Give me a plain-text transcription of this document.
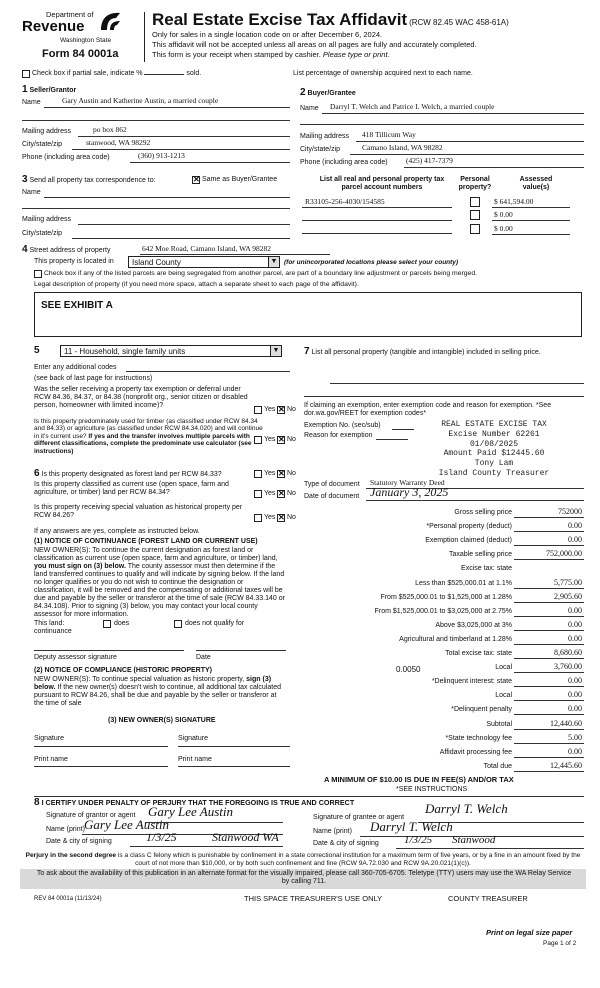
Department of
Revenue
Washington State
Form 84 0001a
Real Estate Excise Tax Affidavit (RCW 82.45 WAC 458-61A)
Only for sales in a single location code on or after December 6, 2024.
This affidavit will not be accepted unless all areas on all pages are fully and accurately completed.
This form is your receipt when stamped by cashier. Please type or print.
Check box if partial sale, indicate %	sold.	List percentage of ownership acquired next to each name.
1 Seller/Grantor
Name	Gary Austin and Katherine Austin, a married couple
Mailing address	po box 862
City/state/zip	stanwood, WA 98292
Phone (including area code)	(360) 913-1213
2 Buyer/Grantee
Name Darryl T. Welch and Patrice I. Welch, a married couple
Mailing address 418 Tillicum Way
City/state/zip	Camano Island, WA 98282
Phone (including area code) (425) 417-7379
3 Send all property tax correspondence to: ✕	Same as Buyer/Grantee
Name
Mailing address
City/state/zip
List all real and personal property tax
parcel account numbers
Personal
property?
Assessed
value(s)
R33105-256-4030/154585	$ 641,594.00
$ 0.00
$ 0.00
4 Street address of property	642 Moe Road, Camano Island, WA 98282
This property is located in Island County	▼ (for unincorporated locations please select your county)
Check box if any of the listed parcels are being segregated from another parcel, are part of a boundary line adjustment or parcels being merged.
Legal description of property (if you need more space, attach a separate sheet to each page of the affidavit).
SEE EXHIBIT A
5	11 - Household, single family units	▼
Enter any additional codes
(see back of last page for instructions)
Was the seller receiving a property tax exemption or deferral under RCW 84.36, 84.37, or 84.38 (nonprofit org., senior citizen or disabled person, homeowner with limited income)?
Yes ✕ No
Is this property predominately used for timber (as classified under RCW 84.34 and 84.33) or agriculture (as classified under RCW 84.34.020) and will continue in it's current use? If yes and the transfer involves multiple parcels with different classifications, complete the predominate use calculator (see instructions)
Yes ✕ No
6 Is this property designated as forest land per RCW 84.33?	Yes ✕ No
Is this property classified as current use (open space, farm and agriculture, or timber) land per RCW 84.34?	Yes ✕ No
Is this property receiving special valuation as historical property per RCW 84.26?	Yes ✕ No
If any answers are yes, complete as instructed below.
(1) NOTICE OF CONTINUANCE (FOREST LAND OR CURRENT USE)
NEW OWNER(S): To continue the current designation as forest land or classification as current use (open space, farm and agriculture, or timber) land, you must sign on (3) below. The county assessor must then determine if the land transferred continues to qualify and will indicate by signing below. If the land no longer qualifies or you do not wish to continue the designation or classification, it will be removed and the compensating or additional taxes will be due and payable by the seller or transferor at the time of sale (RCW 84.33.140 or 84.34.108). Prior to signing (3) below, you may contact your local county assessor for more information.
This land:
continuance
does	does not qualify for
Deputy assessor signature	Date
(2) NOTICE OF COMPLIANCE (HISTORIC PROPERTY)
NEW OWNER(S): To continue special valuation as historic property, sign (3) below. If the new owner(s) doesn't wish to continue, all additional tax calculated pursuant to RCW 84.26, shall be due and payable by the seller or transferor at the time of sale
(3) NEW OWNER(S) SIGNATURE
Signature	Signature
Print name	Print name
7 List all personal property (tangible and intangible) included in selling price.
If claiming an exemption, enter exemption code and reason for exemption. *See dor.wa.gov/REET for exemption codes*
Exemption No. (sec/sub)
Reason for exemption
REAL ESTATE EXCISE TAX
Excise Number 62261
01/08/2025
Amount Paid $12445.60
Tony Lam
Island County Treasurer
Type of document Statutory Warranty Deed
Date of document January 3, 2025
Gross selling price	752000
*Personal property (deduct)	0.00
Exemption claimed (deduct)	0.00
Taxable selling price	752,000.00
Excise tax: state
Less than $525,000.01 at 1.1%	5,775.00
From $525,000.01 to $1,525,000 at 1.28%	2,905.60
From $1,525,000.01 to $3,025,000 at 2.75%	0.00
Above $3,025,000 at 3%	0.00
Agricultural and timberland at 1.28%	0.00
Total excise tax: state	8,680.60
Local	3,760.00
*Delinquent interest: state	0.00
Local	0.00
*Delinquent penalty	0.00
Subtotal	12,440.60
*State technology fee	5.00
Affidavit processing fee	0.00
Total due	12,445.60
0.0050
A MINIMUM OF $10.00 IS DUE IN FEE(S) AND/OR TAX
*SEE INSTRUCTIONS
8 I CERTIFY UNDER PENALTY OF PERJURY THAT THE FOREGOING IS TRUE AND CORRECT
Signature of grantor or agent Gary Lee Austin
Name (print) Gary Lee Austin
Date & city of signing	1/3/25	Stanwood WA
Signature of grantee or agent
Darryl T. Welch
Name (print) Darryl T. Welch
Date & city of signing 1/3/25 Stanwood
Perjury in the second degree is a class C felony which is punishable by confinement in a state correctional institution for a maximum term of five years, or by a fine in an amount fixed by the court of not more than $10,000, or by both such confinement and fine (RCW 9A.72.030 and RCW 9A.20.021(1)(c)).
To ask about the availability of this publication in an alternate format for the visually impaired, please call 360-705-6705. Teletype (TTY) users may use the WA Relay Service by calling 711.
REV 84 0001a (11/13/24)	THIS SPACE TREASURER'S USE ONLY	COUNTY TREASURER
Print on legal size paper
Page 1 of 2
